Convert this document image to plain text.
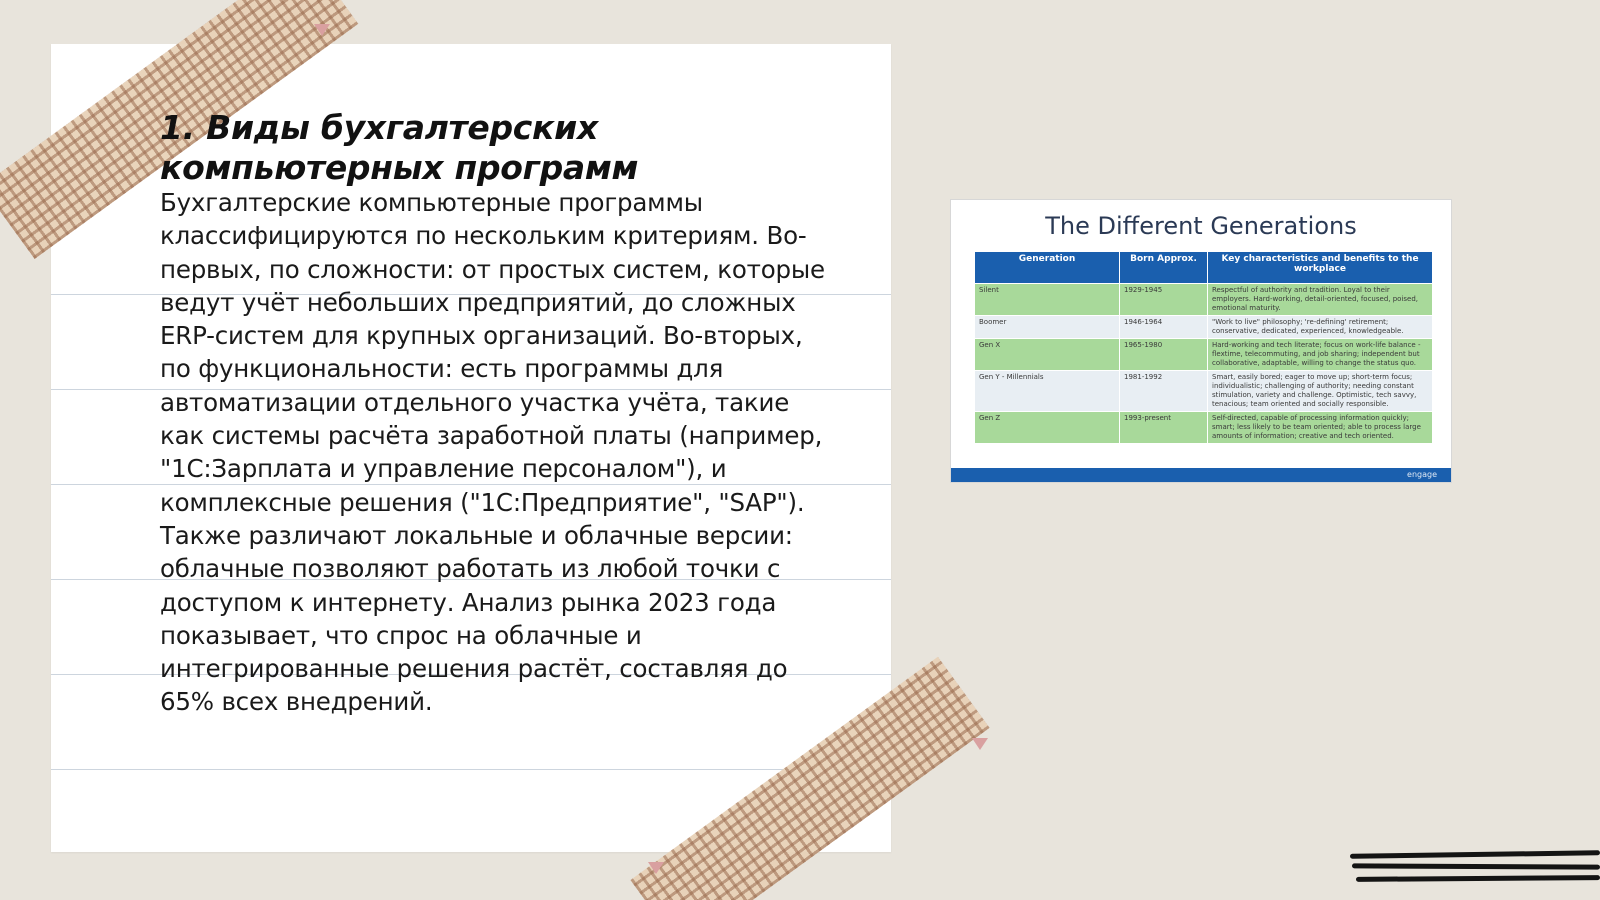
1. Виды бухгалтерских компьютерных программ

Бухгалтерские компьютерные программы классифицируются по нескольким критериям. Во-первых, по сложности: от простых систем, которые ведут учёт небольших предприятий, до сложных ERP-систем для крупных организаций. Во-вторых, по функциональности: есть программы для автоматизации отдельного участка учёта, такие как системы расчёта заработной платы (например, "1С:Зарплата и управление персоналом"), и комплексные решения ("1С:Предприятие", "SAP"). Также различают локальные и облачные версии: облачные позволяют работать из любой точки с доступом к интернету. Анализ рынка 2023 года показывает, что спрос на облачные и интегрированные решения растёт, составляя до 65% всех внедрений.

The Different Generations
Generation	Born Approx.	Key characteristics and benefits to the workplace
Silent	1929-1945	Respectful of authority and tradition. Loyal to their employers. Hard-working, detail-oriented, focused, poised, emotional maturity.
Boomer	1946-1964	"Work to live" philosophy; 're-defining' retirement; conservative, dedicated, experienced, knowledgeable.
Gen X	1965-1980	Hard-working and tech literate; focus on work-life balance - flextime, telecommuting, and job sharing; independent but collaborative, adaptable, willing to change the status quo.
Gen Y - Millennials	1981-1992	Smart, easily bored; eager to move up; short-term focus; individualistic; challenging of authority; needing constant stimulation, variety and challenge. Optimistic, tech savvy, tenacious; team oriented and socially responsible.
Gen Z	1993-present	Self-directed, capable of processing information quickly; smart; less likely to be team oriented; able to process large amounts of information; creative and tech oriented.
engage
